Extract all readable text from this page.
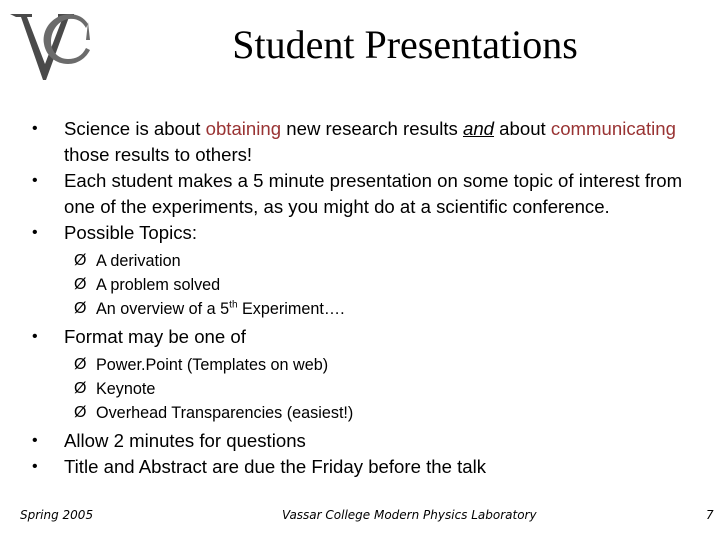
Student Presentations
• Science is about obtaining new research results and about communicating those results to others!
• Each student makes a 5 minute presentation on some topic of interest from one of the experiments, as you might do at a scientific conference.
• Possible Topics:
Ø A derivation
Ø A problem solved
Ø An overview of a 5th Experiment….
• Format may be one of
Ø Power.Point (Templates on web)
Ø Keynote
Ø Overhead Transparencies (easiest!)
• Allow 2 minutes for questions
• Title and Abstract are due the Friday before the talk
Spring 2005	Vassar College Modern Physics Laboratory	7
